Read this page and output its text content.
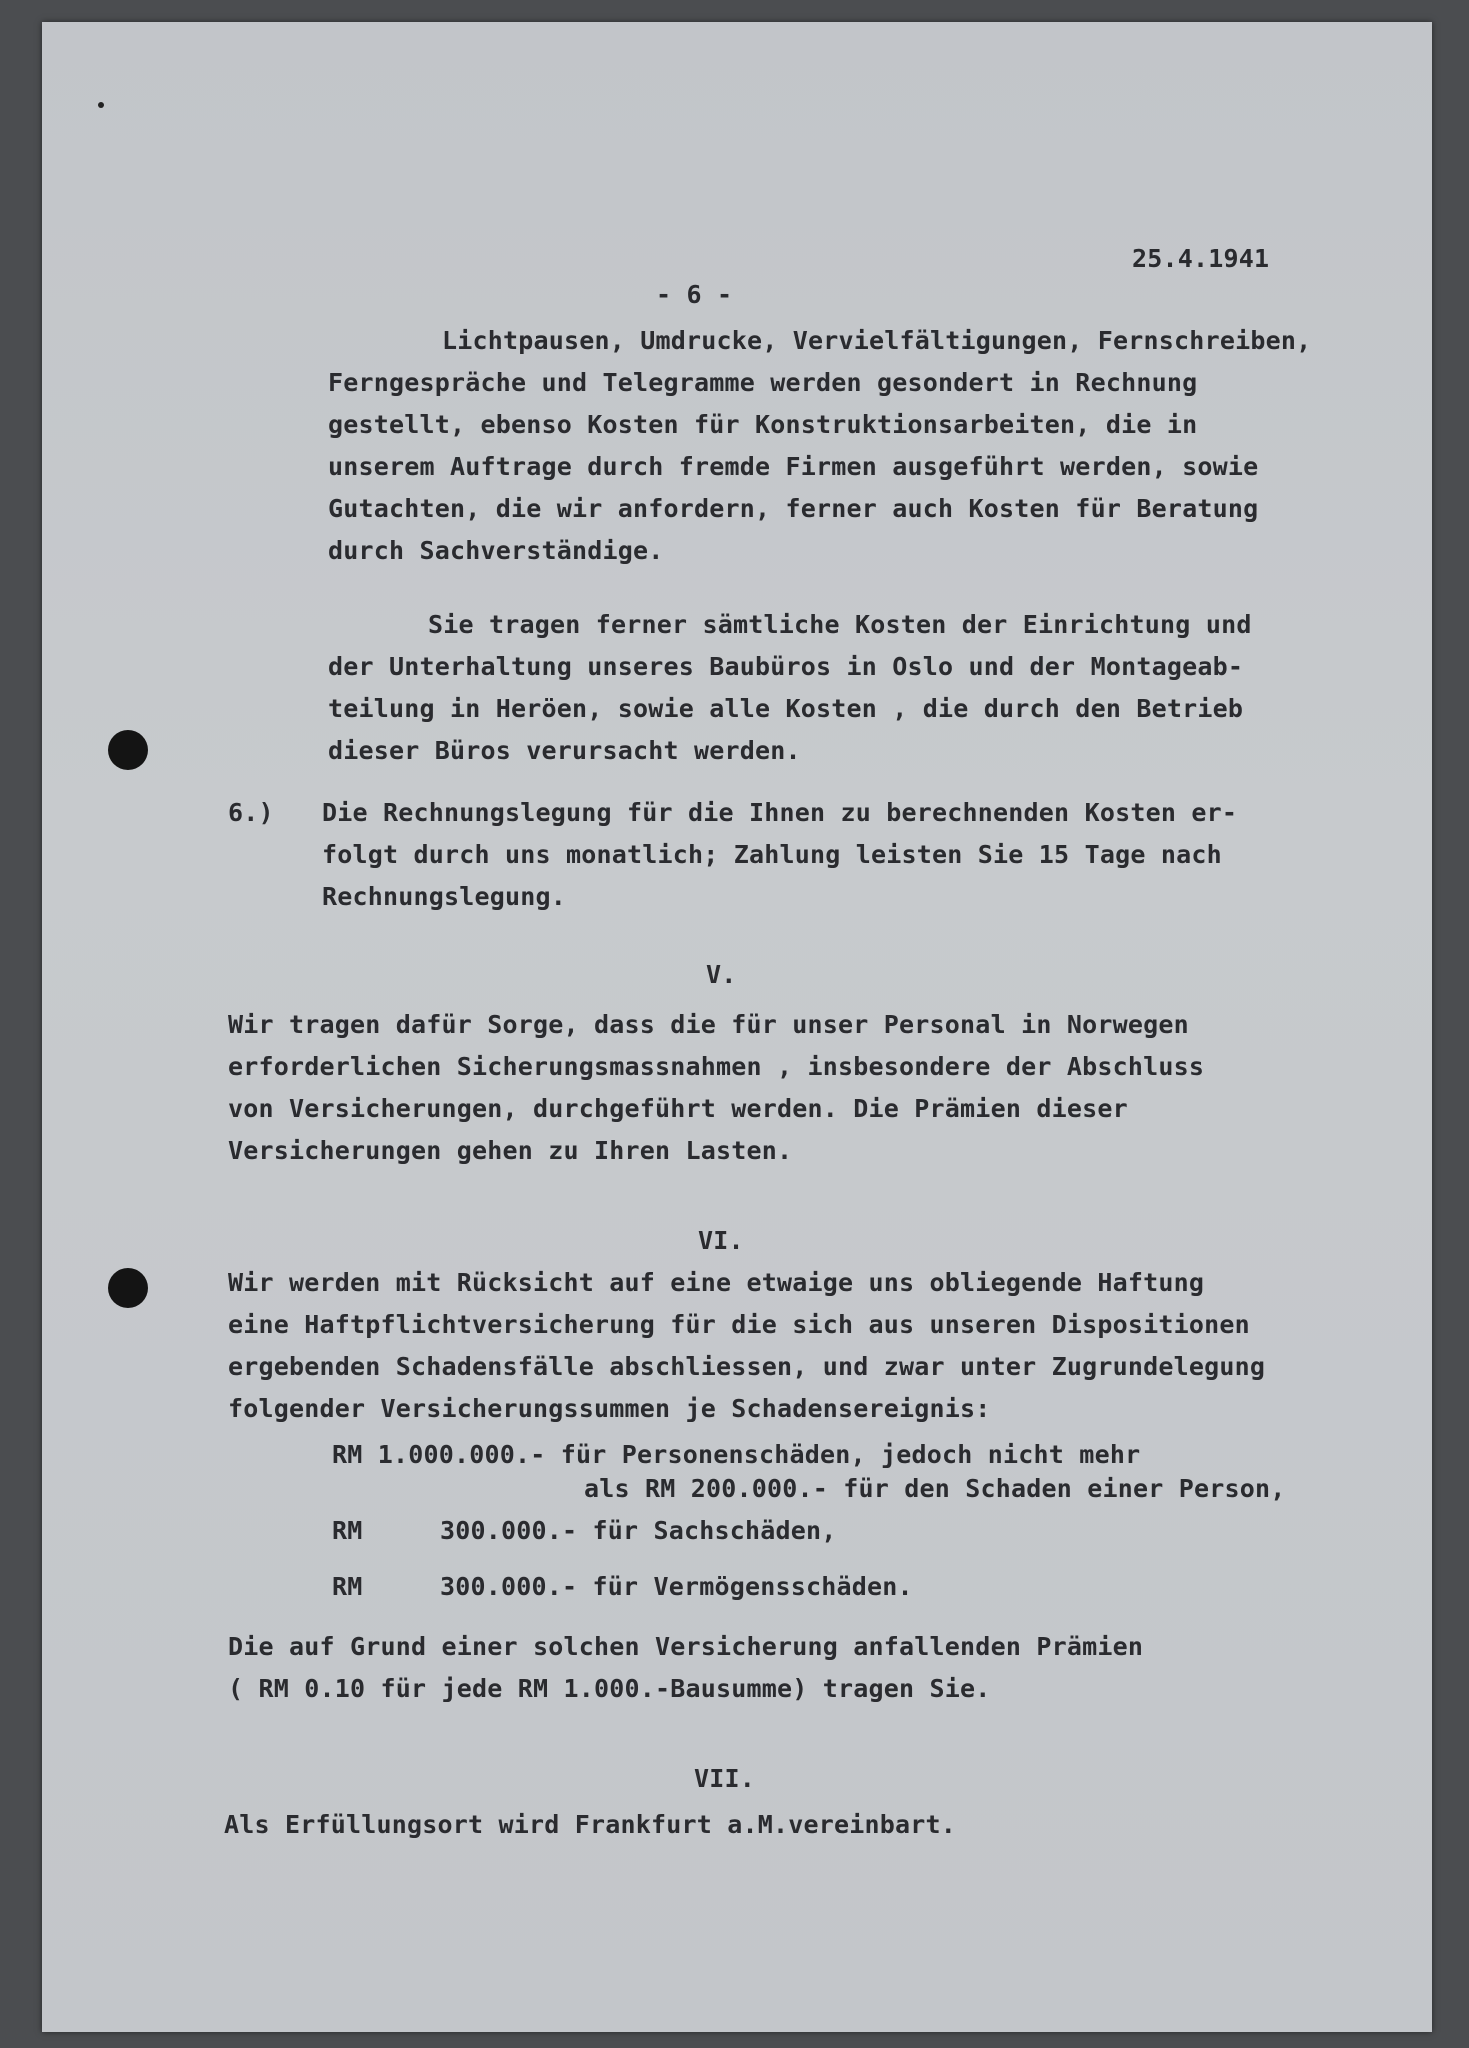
25.4.1941
- 6 -
Lichtpausen, Umdrucke, Vervielfältigungen, Fernschreiben,
Ferngespräche und Telegramme werden gesondert in Rechnung
gestellt, ebenso Kosten für Konstruktionsarbeiten, die in
unserem Auftrage durch fremde Firmen ausgeführt werden, sowie
Gutachten, die wir anfordern, ferner auch Kosten für Beratung
durch Sachverständige.
Sie tragen ferner sämtliche Kosten der Einrichtung und
der Unterhaltung unseres Baubüros in Oslo und der Montageab-
teilung in Heröen, sowie alle Kosten , die durch den Betrieb
dieser Büros verursacht werden.
6.) Die Rechnungslegung für die Ihnen zu berechnenden Kosten er-
folgt durch uns monatlich; Zahlung leisten Sie 15 Tage nach
Rechnungslegung.
V.
Wir tragen dafür Sorge, dass die für unser Personal in Norwegen
erforderlichen Sicherungsmassnahmen , insbesondere der Abschluss
von Versicherungen, durchgeführt werden. Die Prämien dieser
Versicherungen gehen zu Ihren Lasten.
VI.
Wir werden mit Rücksicht auf eine etwaige uns obliegende Haftung
eine Haftpflichtversicherung für die sich aus unseren Dispositionen
ergebenden Schadensfälle abschliessen, und zwar unter Zugrundelegung
folgender Versicherungssummen je Schadensereignis:
RM 1.000.000.- für Personenschäden, jedoch nicht mehr
als RM 200.000.- für den Schaden einer Person,
RM	300.000.- für Sachschäden,
RM	300.000.- für Vermögensschäden.
Die auf Grund einer solchen Versicherung anfallenden Prämien
( RM 0.10 für jede RM 1.000.-Bausumme) tragen Sie.
VII.
Als Erfüllungsort wird Frankfurt a.M.vereinbart.
